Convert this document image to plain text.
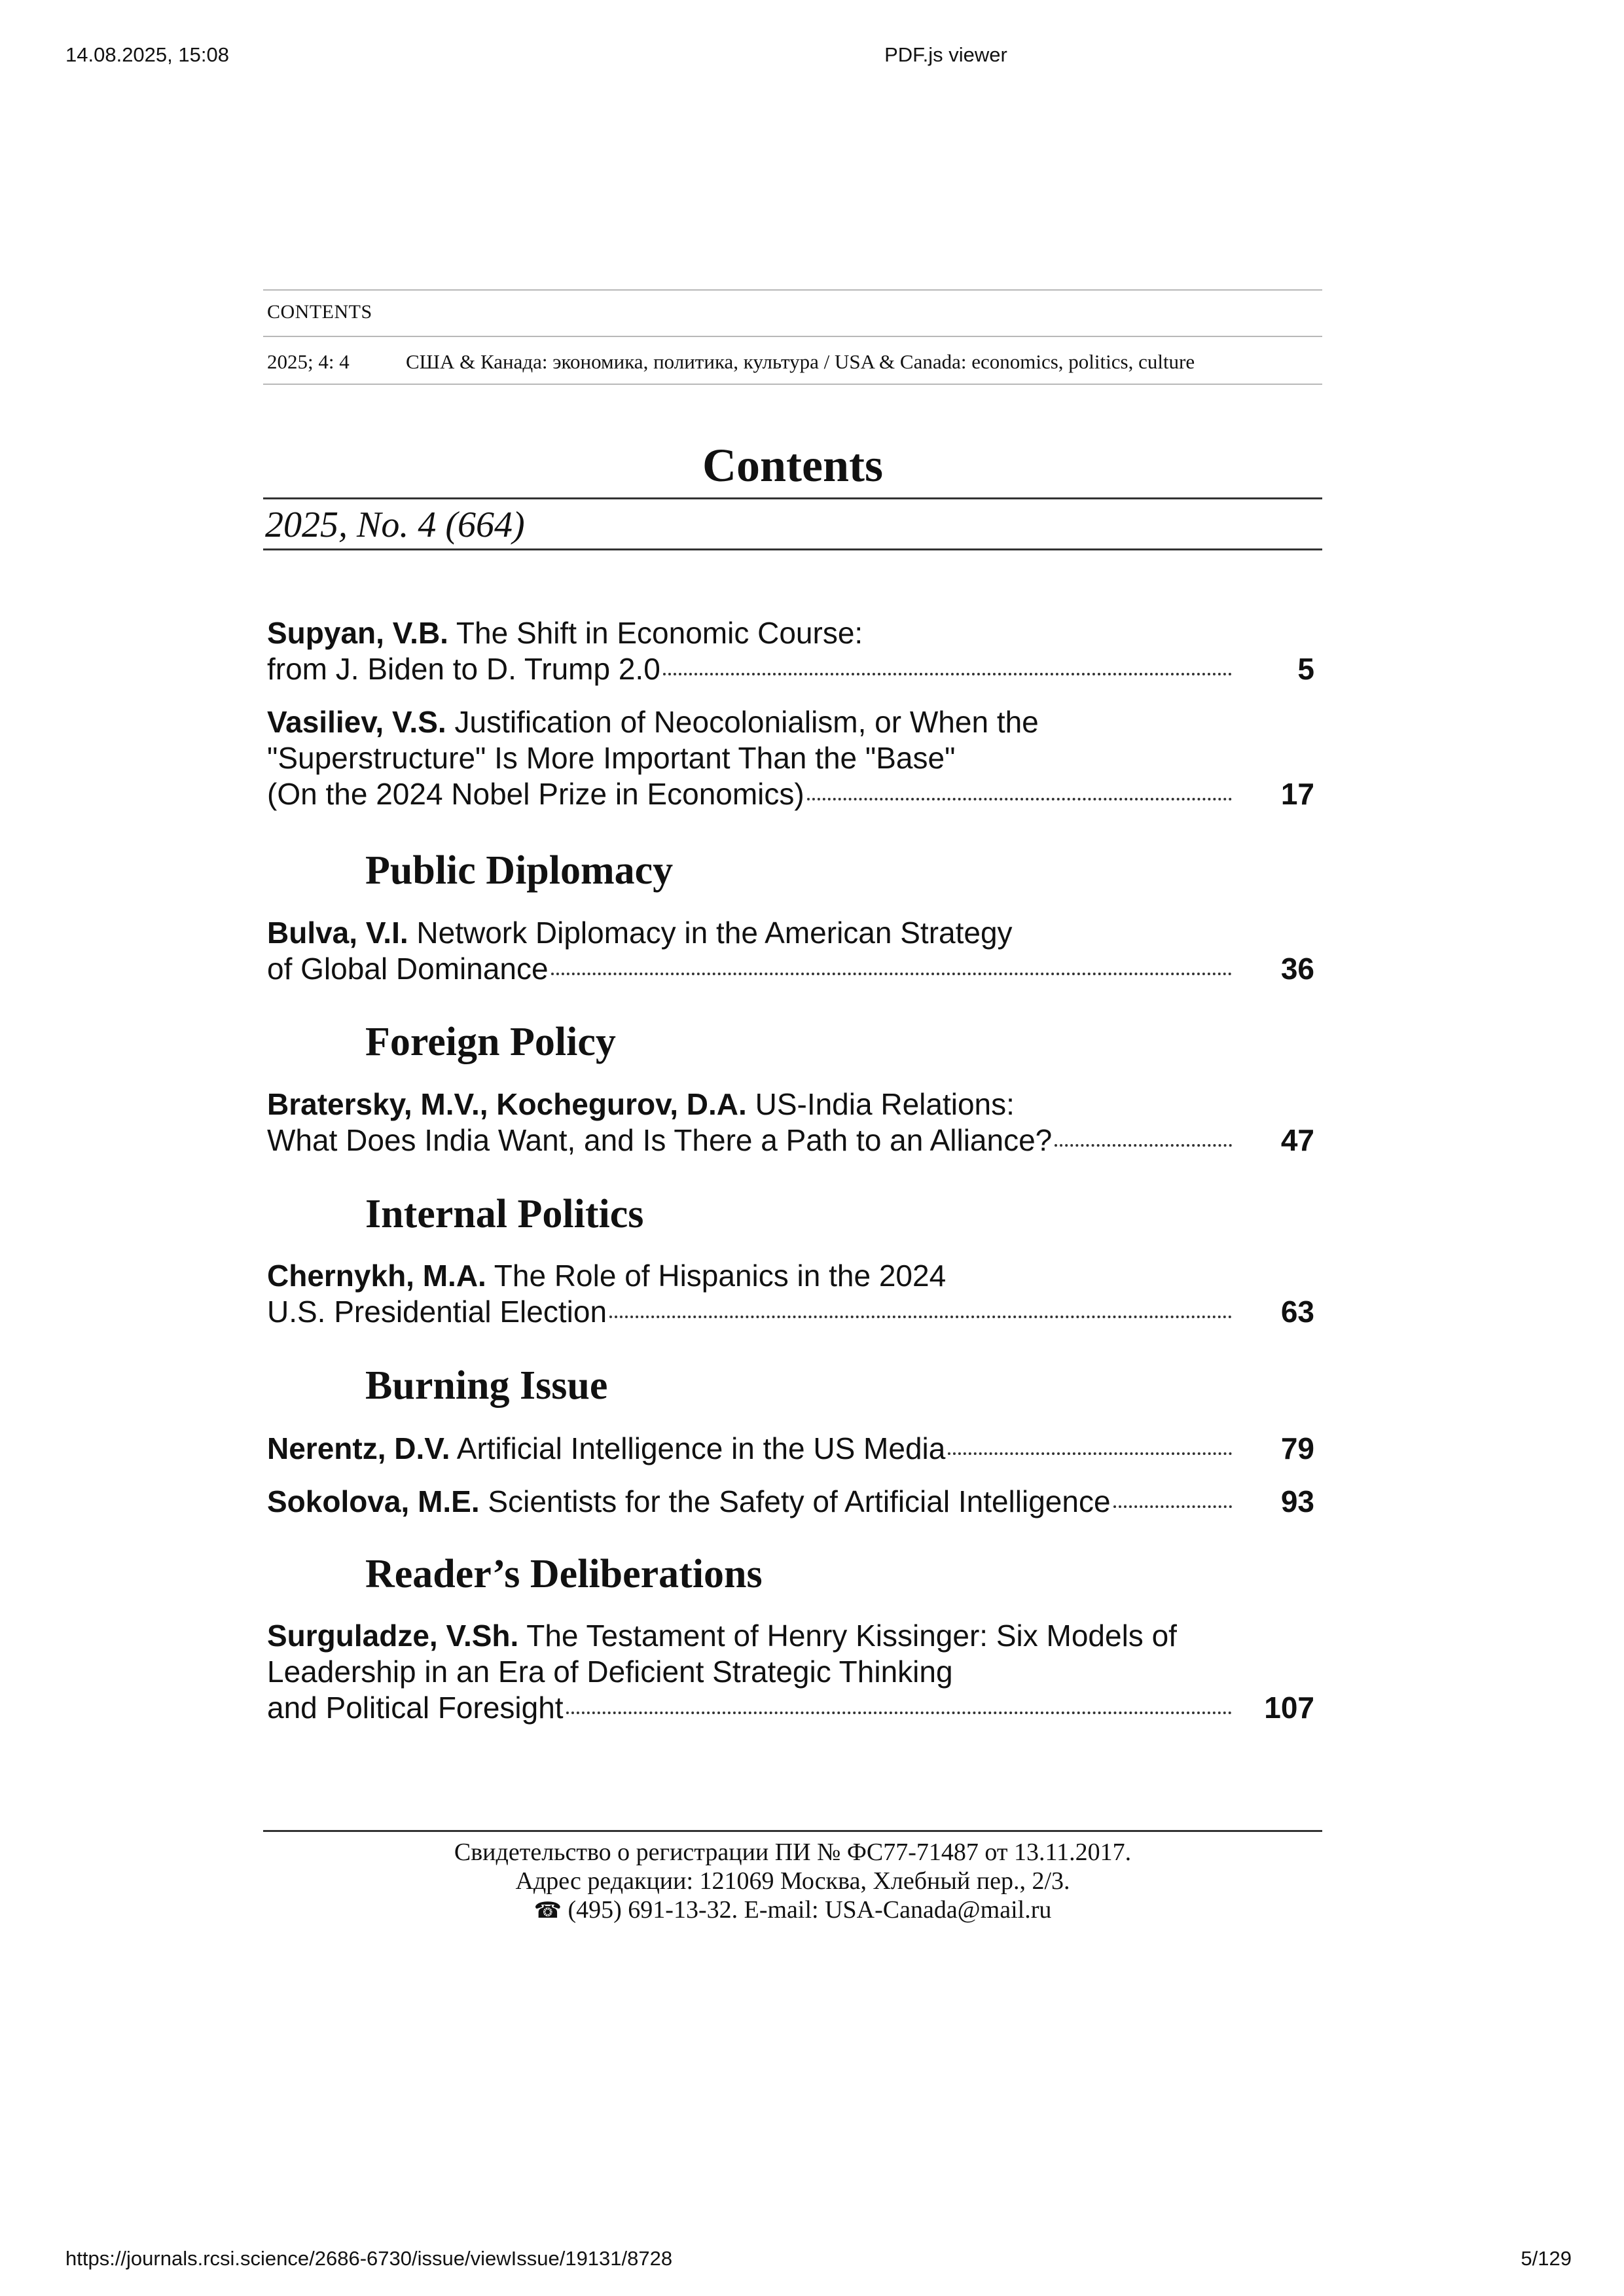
14.08.2025, 15:08	PDF.js viewer
CONTENTS
2025; 4: 4	США & Канада: экономика, политика, культура / USA & Canada: economics, politics, culture
Contents
2025, No. 4 (664)
Supyan, V.B. The Shift in Economic Course:
from J. Biden to D. Trump 2.0	5
Vasiliev, V.S. Justification of Neocolonialism, or When the
"Superstructure" Is More Important Than the "Base"
(On the 2024 Nobel Prize in Economics)	17
Public Diplomacy
Bulva, V.I. Network Diplomacy in the American Strategy
of Global Dominance	36
Foreign Policy
Bratersky, M.V., Kochegurov, D.A. US-India Relations:
What Does India Want, and Is There a Path to an Alliance?	47
Internal Politics
Chernykh, M.A. The Role of Hispanics in the 2024
U.S. Presidential Election	63
Burning Issue
Nerentz, D.V. Artificial Intelligence in the US Media	79
Sokolova, M.E. Scientists for the Safety of Artificial Intelligence	93
Reader’s Deliberations
Surguladze, V.Sh. The Testament of Henry Kissinger: Six Models of
Leadership in an Era of Deficient Strategic Thinking
and Political Foresight	107
Свидетельство о регистрации ПИ № ФС77-71487 от 13.11.2017.
Адрес редакции: 121069 Москва, Хлебный пер., 2/3.
☎ (495) 691-13-32. E-mail: USA-Canada@mail.ru
https://journals.rcsi.science/2686-6730/issue/viewIssue/19131/8728	5/129
